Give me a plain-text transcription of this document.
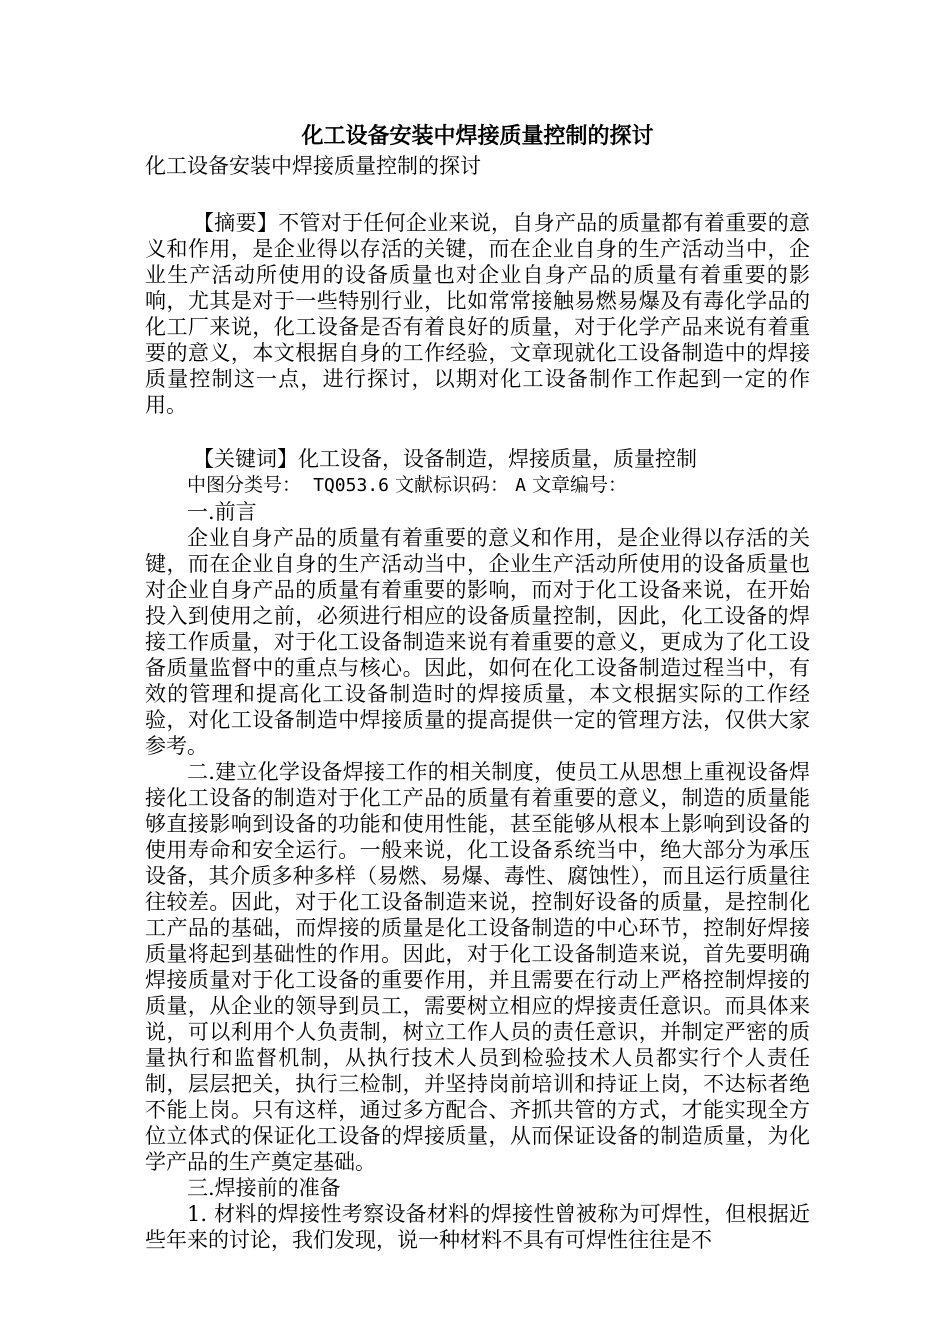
化工设备安装中焊接质量控制的探讨
化工设备安装中焊接质量控制的探讨

【摘要】不管对于任何企业来说，自身产品的质量都有着重要的意义和作用，是企业得以存活的关键，而在企业自身的生产活动当中，企业生产活动所使用的设备质量也对企业自身产品的质量有着重要的影响，尤其是对于一些特别行业，比如常常接触易燃易爆及有毒化学品的化工厂来说，化工设备是否有着良好的质量，对于化学产品来说有着重要的意义，本文根据自身的工作经验，文章现就化工设备制造中的焊接质量控制这一点，进行探讨，以期对化工设备制作工作起到一定的作用。

【关键词】化工设备，设备制造，焊接质量，质量控制

中图分类号： TQ053.6 文献标识码： A 文章编号：

一.前言

企业自身产品的质量有着重要的意义和作用，是企业得以存活的关键，而在企业自身的生产活动当中，企业生产活动所使用的设备质量也对企业自身产品的质量有着重要的影响，而对于化工设备来说，在开始投入到使用之前，必须进行相应的设备质量控制，因此，化工设备的焊接工作质量，对于化工设备制造来说有着重要的意义，更成为了化工设备质量监督中的重点与核心。因此，如何在化工设备制造过程当中，有效的管理和提高化工设备制造时的焊接质量，本文根据实际的工作经验，对化工设备制造中焊接质量的提高提供一定的管理方法，仅供大家参考。

二.建立化学设备焊接工作的相关制度，使员工从思想上重视设备焊接化工设备的制造对于化工产品的质量有着重要的意义，制造的质量能够直接影响到设备的功能和使用性能，甚至能够从根本上影响到设备的使用寿命和安全运行。一般来说，化工设备系统当中，绝大部分为承压设备，其介质多种多样（易燃、易爆、毒性、腐蚀性），而且运行质量往往较差。因此，对于化工设备制造来说，控制好设备的质量，是控制化工产品的基础，而焊接的质量是化工设备制造的中心环节，控制好焊接质量将起到基础性的作用。因此，对于化工设备制造来说，首先要明确焊接质量对于化工设备的重要作用，并且需要在行动上严格控制焊接的质量，从企业的领导到员工，需要树立相应的焊接责任意识。而具体来说，可以利用个人负责制，树立工作人员的责任意识，并制定严密的质量执行和监督机制，从执行技术人员到检验技术人员都实行个人责任制，层层把关，执行三检制，并坚持岗前培训和持证上岗，不达标者绝不能上岗。只有这样，通过多方配合、齐抓共管的方式，才能实现全方位立体式的保证化工设备的焊接质量，从而保证设备的制造质量，为化学产品的生产奠定基础。

三.焊接前的准备

1. 材料的焊接性考察设备材料的焊接性曾被称为可焊性，但根据近些年来的讨论，我们发现，说一种材料不具有可焊性往往是不
